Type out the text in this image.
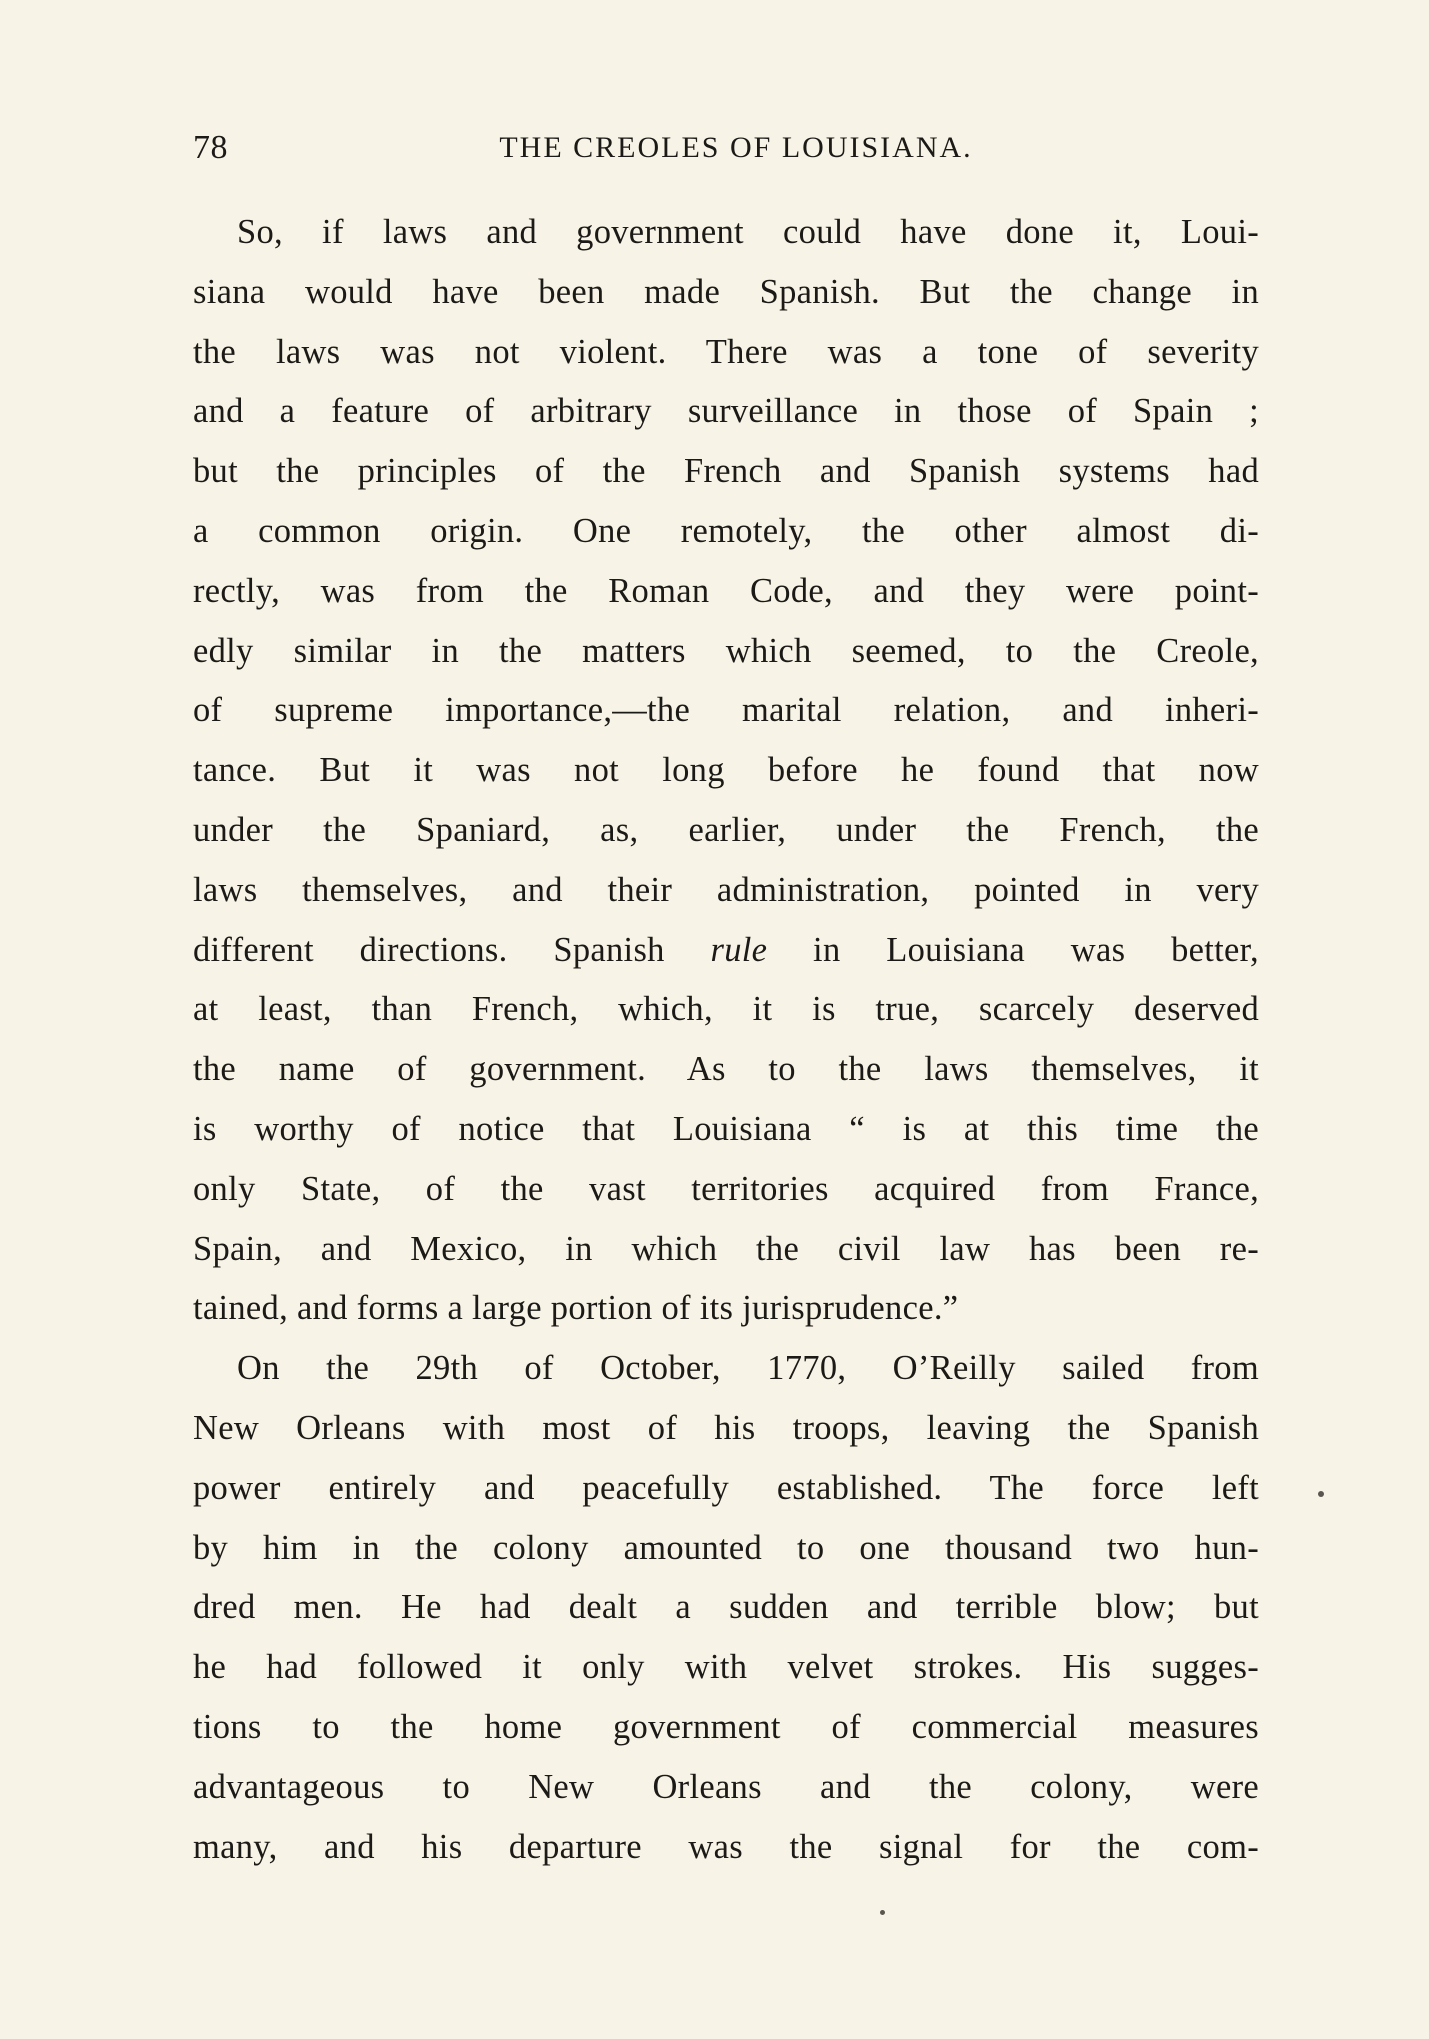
78	THE CREOLES OF LOUISIANA.
So, if laws and government could have done it, Loui-
siana would have been made Spanish. But the change in
the laws was not violent. There was a tone of severity
and a feature of arbitrary surveillance in those of Spain ;
but the principles of the French and Spanish systems had
a common origin. One remotely, the other almost di-
rectly, was from the Roman Code, and they were point-
edly similar in the matters which seemed, to the Creole,
of supreme importance,—the marital relation, and inheri-
tance. But it was not long before he found that now
under the Spaniard, as, earlier, under the French, the
laws themselves, and their administration, pointed in very
different directions. Spanish rule in Louisiana was better,
at least, than French, which, it is true, scarcely deserved
the name of government. As to the laws themselves, it
is worthy of notice that Louisiana “ is at this time the
only State, of the vast territories acquired from France,
Spain, and Mexico, in which the civil law has been re-
tained, and forms a large portion of its jurisprudence.”
On the 29th of October, 1770, O’Reilly sailed from
New Orleans with most of his troops, leaving the Spanish
power entirely and peacefully established. The force left
by him in the colony amounted to one thousand two hun-
dred men. He had dealt a sudden and terrible blow; but
he had followed it only with velvet strokes. His sugges-
tions to the home government of commercial measures
advantageous to New Orleans and the colony, were
many, and his departure was the signal for the com-
